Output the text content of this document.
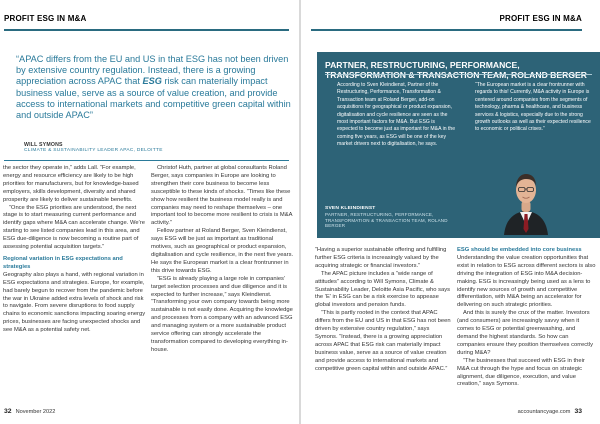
PROFIT ESG IN M&A
“APAC differs from the EU and US in that ESG has not been driven by extensive country regulation. Instead, there is a growing appreciation across APAC that ESG risk can materially impact business value, serve as a source of value creation, and provide access to international markets and competitive green capital within and outside APAC”
WILL SYMONS
CLIMATE & SUSTAINABILITY LEADER APAC, DELOITTE

the sector they operate in,” adds Lall. “For example, energy and resource efficiency are likely to be high priorities for manufacturers, but for knowledge-based employers, skills development, diversity and shared prosperity are likely to deliver sustainable benefits.

“Once the ESG priorities are understood, the next stage is to start measuring current performance and identify gaps where M&A can accelerate change. We’re starting to see listed companies lead in this area, and ESG due-diligence is now becoming a routine part of assessing potential acquisition targets.”

Regional variation in ESG expectations and strategies

Geography also plays a hand, with regional variation in ESG expectations and strategies. Europe, for example, had barely begun to recover from the pandemic before the war in Ukraine added extra levels of shock and risk to navigate. From severe disruptions to food supply chains to economic sanctions impacting soaring energy prices, businesses are facing unexpected shocks and see M&A as a potential safety net.

Christof Huth, partner at global consultants Roland Berger, says companies in Europe are looking to strengthen their core business to become less susceptible to these kinds of shocks. “Times like these show how resilient the business model really is and companies may need to reshape themselves – one important tool to become more resilient to crisis is M&A activity.”

Fellow partner at Roland Berger, Sven Kleindienst, says ESG will be just as important as traditional motives, such as geographical or product expansion, digitalisation and cycle resilience, in the next five years. He says the European market is a clear frontrunner in this drive towards ESG.

“ESG is already playing a large role in companies’ target selection processes and due diligence and it is expected to further increase,” says Kleindienst. “Transforming your own company towards being more sustainable is not easily done. Acquiring the knowledge and processes from a company with an advanced ESG and managing system or a more sustainable product service offering can strongly accelerate the transformation compared to developing everything in-house.

32 November 2022
PROFIT ESG IN M&A
PARTNER, RESTRUCTURING, PERFORMANCE, TRANSFORMATION & TRANSACTION TEAM, ROLAND BERGER
According to Sven Kleindienst, Partner of the Restructuring, Performance, Transformation & Transaction team at Roland Berger, add-on acquisitions for geographical or product expansion, digitalisation and cycle resilience are seen as the most important factors for M&A. But ESG is expected to become just as important for M&A in the coming five years, as ESG will be one of the key market drivers next to digitalisation, he says.
“The European market is a clear frontrunner with regards to this! Currently, M&A activity in Europe is centered around companies from the segments of technology, pharma & healthcare, and business services & logistics, especially due to the strong growth outlooks as well as their expected resilience to economic or political crises.”
SVEN KLEINDIENST
PARTNER, RESTRUCTURING, PERFORMANCE, TRANSFORMATION & TRANSACTION TEAM, ROLAND BERGER

“Having a superior sustainable offering and fulfilling further ESG criteria is increasingly valued by the acquiring strategic or financial investors.”

The APAC picture includes a “wide range of attitudes” according to Will Symons, Climate & Sustainability Leader, Deloitte Asia Pacific, who says the ‘E’ in ESG can be a risk exercise to appease global investors and pension funds.

“This is partly rooted in the context that APAC differs from the EU and US in that ESG has not been driven by extensive country regulation,” says Symons. “Instead, there is a growing appreciation across APAC that ESG risk can materially impact business value, serve as a source of value creation and provide access to international markets and competitive green capital within and outside APAC.”

ESG should be embedded into core business

Understanding the value creation opportunities that exist in relation to ESG across different sectors is also driving the integration of ESG into M&A decision-making. ESG is increasingly being used as a lens to identify new sources of growth and competitive differentiation, with M&A being an accelerator for delivering on such strategic priorities.

And this is surely the crux of the matter. Investors (and consumers) are increasingly savvy when it comes to ESG or potential greenwashing, and demand the highest standards. So how can companies ensure they position themselves correctly during M&A?

“The businesses that succeed with ESG in their M&A cut through the hype and focus on strategic alignment, due diligence, execution, and value creation,” says Symons.

accountancyage.com 33
